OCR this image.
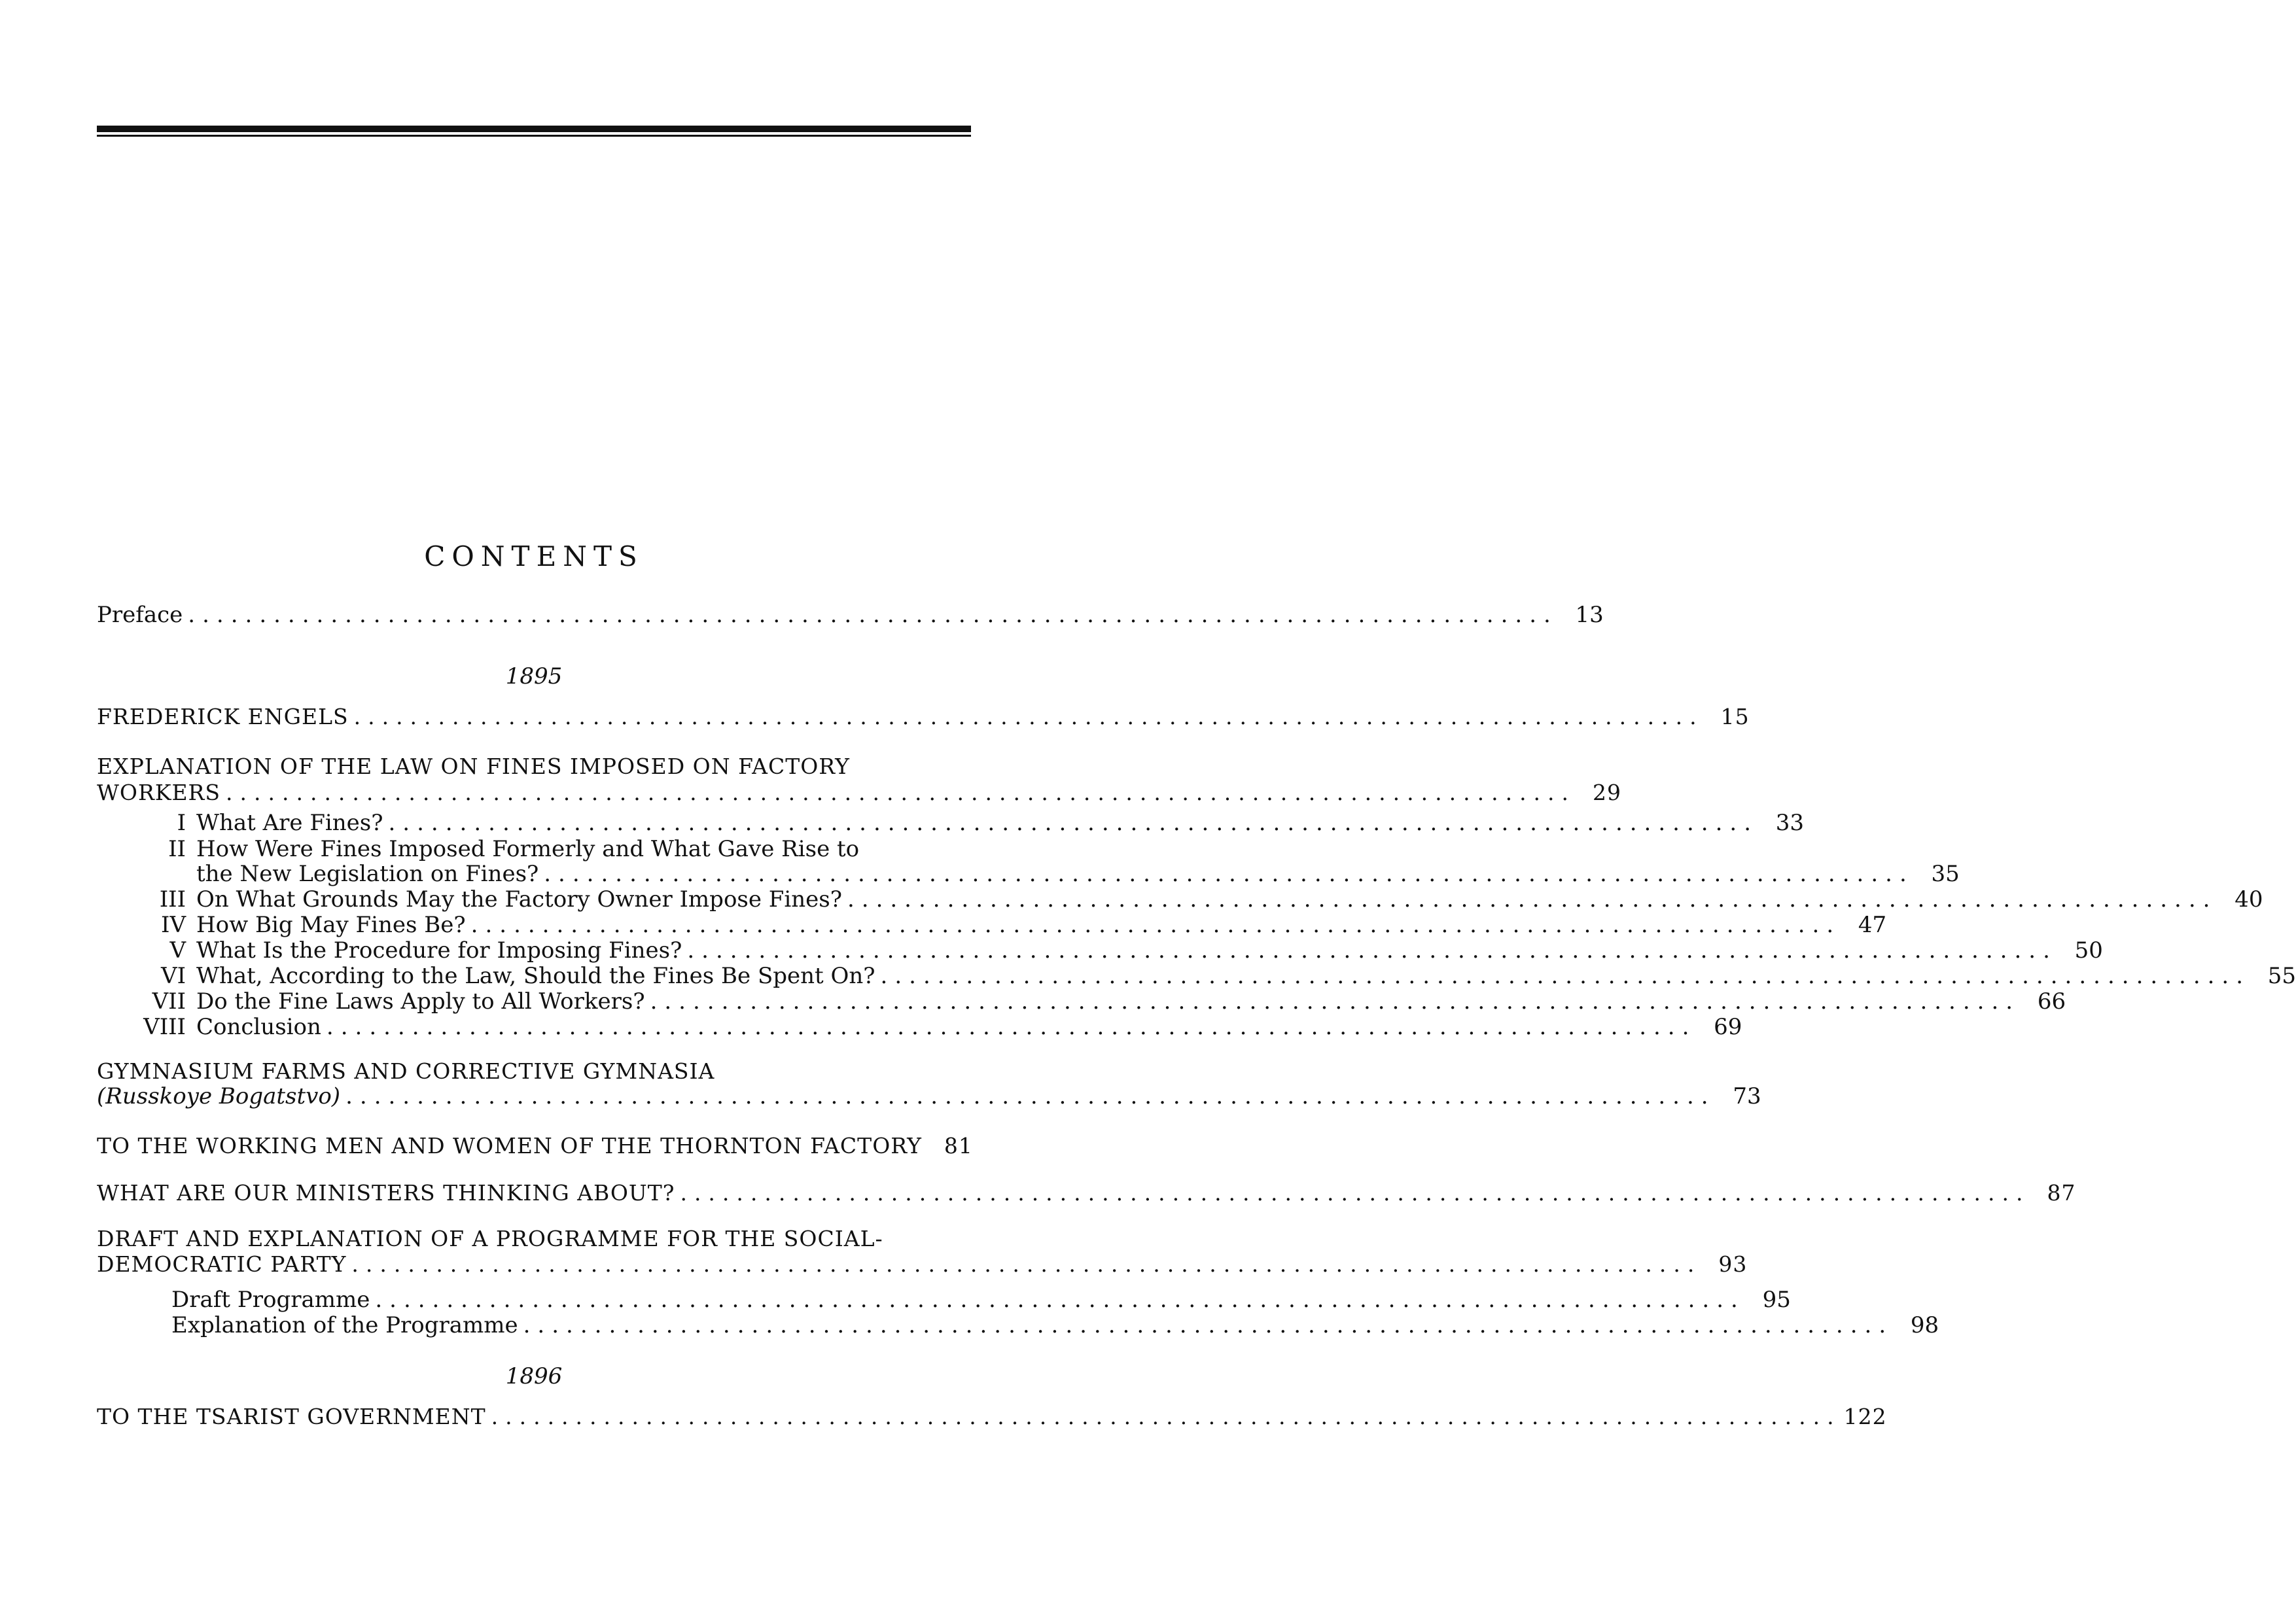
CONTENTS
Preface ................................................................................................ 13
1895
FREDERICK ENGELS ................................................................................................ 15
EXPLANATION OF THE LAW ON FINES IMPOSED ON FACTORY
WORKERS ................................................................................................ 29
I What Are Fines? ................................................................................................ 33
II How Were Fines Imposed Formerly and What Gave Rise to
the New Legislation on Fines? ................................................................................................ 35
III On What Grounds May the Factory Owner Impose Fines? ................................................................................................ 40
IV How Big May Fines Be? ................................................................................................ 47
V What Is the Procedure for Imposing Fines? ................................................................................................ 50
VI What, According to the Law, Should the Fines Be Spent On? ................................................................................................ 55
VII Do the Fine Laws Apply to All Workers? ................................................................................................ 66
VIII Conclusion ................................................................................................ 69
GYMNASIUM FARMS AND CORRECTIVE GYMNASIA
(Russkoye Bogatstvo) ................................................................................................ 73
TO THE WORKING MEN AND WOMEN OF THE THORNTON FACTORY	81
WHAT ARE OUR MINISTERS THINKING ABOUT? ................................................................................................ 87
DRAFT AND EXPLANATION OF A PROGRAMME FOR THE SOCIAL-
DEMOCRATIC PARTY ................................................................................................ 93
Draft Programme ................................................................................................ 95
Explanation of the Programme ................................................................................................ 98
1896
TO THE TSARIST GOVERNMENT ................................................................................................ 122
